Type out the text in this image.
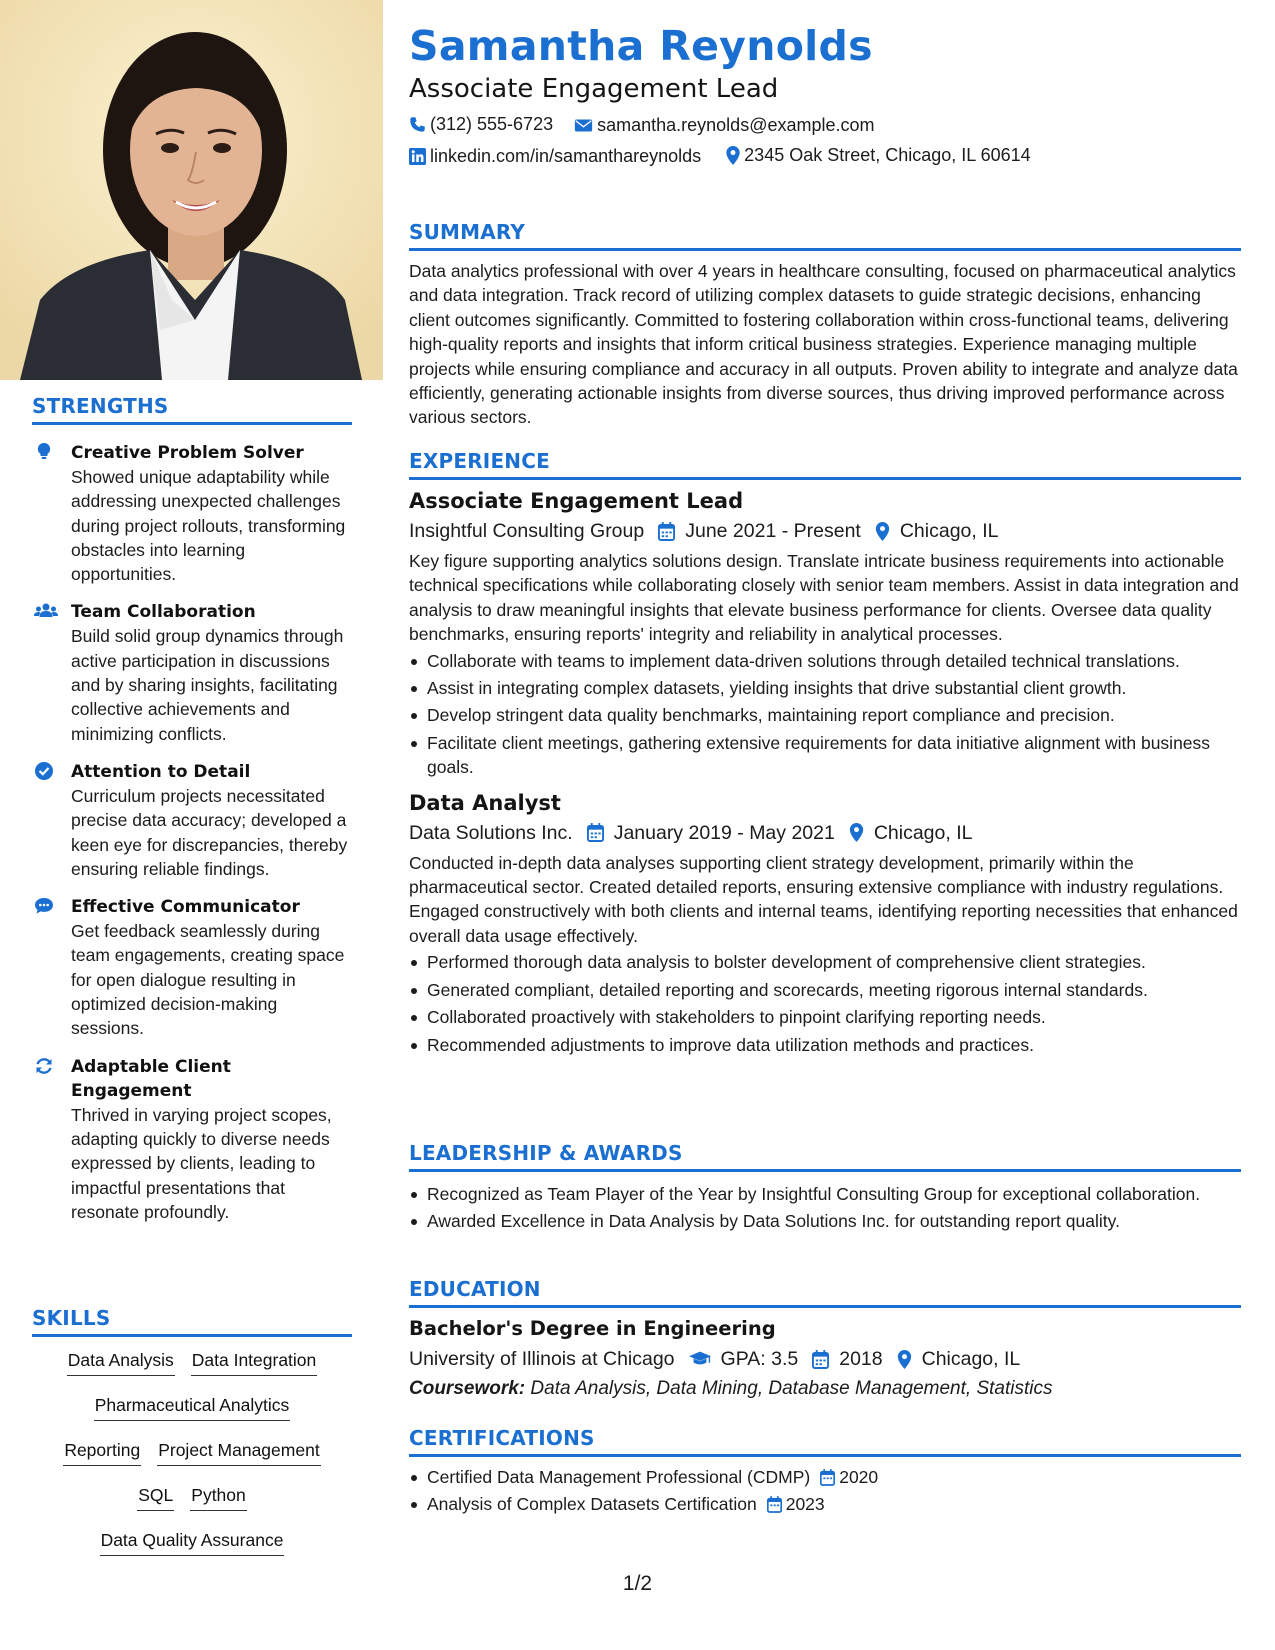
STRENGTHS
Creative Problem Solver
Showed unique adaptability while addressing unexpected challenges during project rollouts, transforming obstacles into learning opportunities.
Team Collaboration
Build solid group dynamics through active participation in discussions and by sharing insights, facilitating collective achievements and minimizing conflicts.
Attention to Detail
Curriculum projects necessitated precise data accuracy; developed a keen eye for discrepancies, thereby ensuring reliable findings.
Effective Communicator
Get feedback seamlessly during team engagements, creating space for open dialogue resulting in optimized decision-making sessions.
Adaptable Client Engagement
Thrived in varying project scopes, adapting quickly to diverse needs expressed by clients, leading to impactful presentations that resonate profoundly.
SKILLS
Data Analysis Data Integration
Pharmaceutical Analytics
Reporting Project Management
SQL Python
Data Quality Assurance
Samantha Reynolds
Associate Engagement Lead
(312) 555-6723
samantha.reynolds@example.com
linkedin.com/in/samanthareynolds
2345 Oak Street, Chicago, IL 60614
SUMMARY
Data analytics professional with over 4 years in healthcare consulting, focused on pharmaceutical analytics and data integration. Track record of utilizing complex datasets to guide strategic decisions, enhancing client outcomes significantly. Committed to fostering collaboration within cross-functional teams, delivering high-quality reports and insights that inform critical business strategies. Experience managing multiple projects while ensuring compliance and accuracy in all outputs. Proven ability to integrate and analyze data efficiently, generating actionable insights from diverse sources, thus driving improved performance across various sectors.
EXPERIENCE
Associate Engagement Lead
Insightful Consulting Group June 2021 - Present Chicago, IL
Key figure supporting analytics solutions design. Translate intricate business requirements into actionable technical specifications while collaborating closely with senior team members. Assist in data integration and analysis to draw meaningful insights that elevate business performance for clients. Oversee data quality benchmarks, ensuring reports' integrity and reliability in analytical processes.
Collaborate with teams to implement data-driven solutions through detailed technical translations.
Assist in integrating complex datasets, yielding insights that drive substantial client growth.
Develop stringent data quality benchmarks, maintaining report compliance and precision.
Facilitate client meetings, gathering extensive requirements for data initiative alignment with business goals.
Data Analyst
Data Solutions Inc. January 2019 - May 2021 Chicago, IL
Conducted in-depth data analyses supporting client strategy development, primarily within the pharmaceutical sector. Created detailed reports, ensuring extensive compliance with industry regulations. Engaged constructively with both clients and internal teams, identifying reporting necessities that enhanced overall data usage effectively.
Performed thorough data analysis to bolster development of comprehensive client strategies.
Generated compliant, detailed reporting and scorecards, meeting rigorous internal standards.
Collaborated proactively with stakeholders to pinpoint clarifying reporting needs.
Recommended adjustments to improve data utilization methods and practices.
LEADERSHIP & AWARDS
Recognized as Team Player of the Year by Insightful Consulting Group for exceptional collaboration.
Awarded Excellence in Data Analysis by Data Solutions Inc. for outstanding report quality.
EDUCATION
Bachelor's Degree in Engineering
University of Illinois at Chicago GPA: 3.5 2018 Chicago, IL
Coursework: Data Analysis, Data Mining, Database Management, Statistics
CERTIFICATIONS
Certified Data Management Professional (CDMP) 2020
Analysis of Complex Datasets Certification 2023
1/2
